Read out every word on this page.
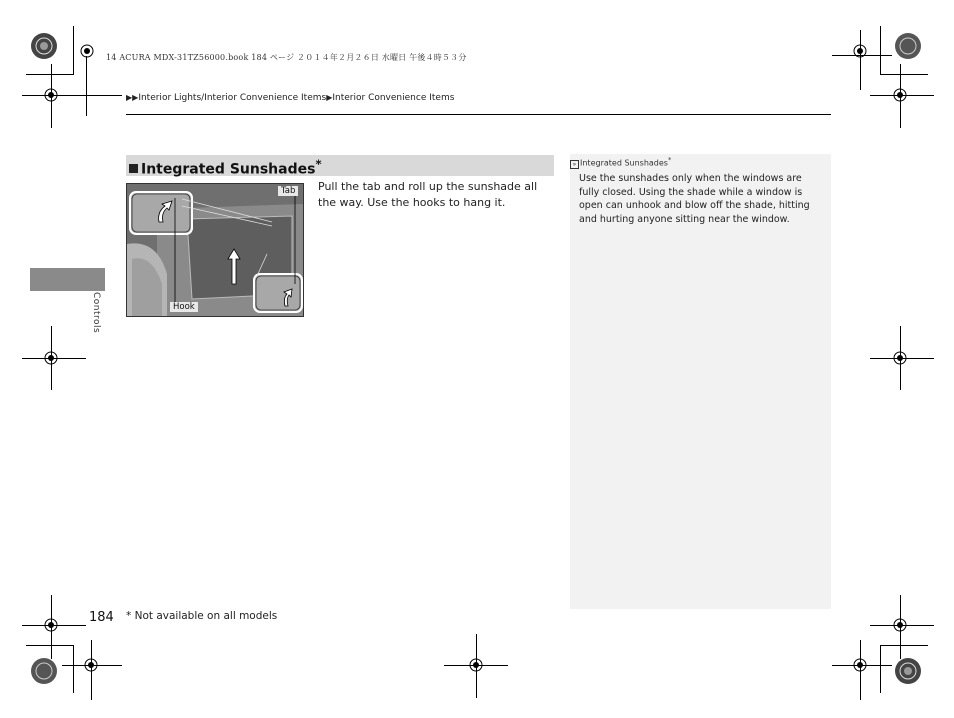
14 ACURA MDX-31TZ56000.book 184 ページ ２０１４年２月２６日 水曜日 午後４時５３分
▶▶Interior Lights/Interior Convenience Items▶Interior Convenience Items
Controls
Integrated Sunshades*
Tab
Hook
Pull the tab and roll up the sunshade all the way. Use the hooks to hang it.
» Integrated Sunshades*
Use the sunshades only when the windows are fully closed. Using the shade while a window is open can unhook and blow off the shade, hitting and hurting anyone sitting near the window.
184 * Not available on all models
